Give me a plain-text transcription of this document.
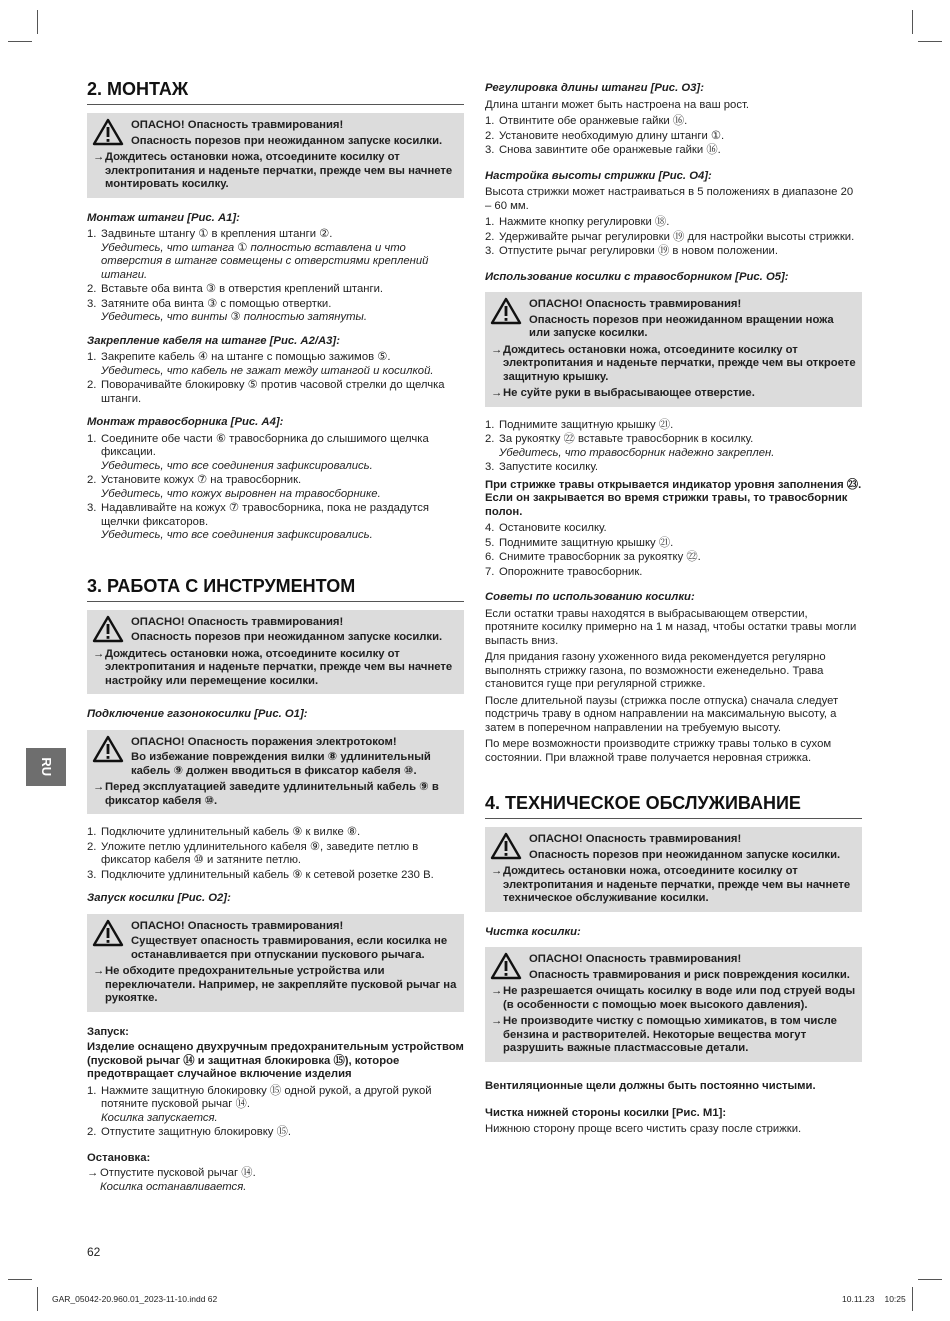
RU
2. МОНТАЖ
ОПАСНО! Опасность травмирования!
Опасность порезов при неожиданном запуске косилки.
→ Дождитесь остановки ножа, отсоедините косилку от электропитания и наденьте перчатки, прежде чем вы начнете монтировать косилку.
Монтаж штанги [Рис. A1]:
1. Задвиньте штангу ① в крепления штанги ②.
Убедитесь, что штанга ① полностью вставлена и что отверстия в штанге совмещены с отверстиями креплений штанги.
2. Вставьте оба винта ③ в отверстия креплений штанги.
3. Затяните оба винта ③ с помощью отвертки.
Убедитесь, что винты ③ полностью затянуты.
Закрепление кабеля на штанге [Рис. A2/A3]:
1. Закрепите кабель ④ на штанге с помощью зажимов ⑤.
Убедитесь, что кабель не зажат между штангой и косилкой.
2. Поворачивайте блокировку ⑤ против часовой стрелки до щелчка штанги.
Монтаж травосборника [Рис. A4]:
1. Соедините обе части ⑥ травосборника до слышимого щелчка фиксации.
Убедитесь, что все соединения зафиксировались.
2. Установите кожух ⑦ на травосборник.
Убедитесь, что кожух выровнен на травосборнике.
3. Надавливайте на кожух ⑦ травосборника, пока не раздадутся щелчки фиксаторов.
Убедитесь, что все соединения зафиксировались.
3. РАБОТА С ИНСТРУМЕНТОМ
ОПАСНО! Опасность травмирования!
Опасность порезов при неожиданном запуске косилки.
→ Дождитесь остановки ножа, отсоедините косилку от электропитания и наденьте перчатки, прежде чем вы начнете настройку или перемещение косилки.
Подключение газонокосилки [Рис. O1]:
ОПАСНО! Опасность поражения электротоком!
Во избежание повреждения вилки ⑧ удлинительный кабель ⑨ должен вводиться в фиксатор кабеля ⑩.
→ Перед эксплуатацией заведите удлинительный кабель ⑨ в фиксатор кабеля ⑩.
1. Подключите удлинительный кабель ⑨ к вилке ⑧.
2. Уложите петлю удлинительного кабеля ⑨, заведите петлю в фиксатор кабеля ⑩ и затяните петлю.
3. Подключите удлинительный кабель ⑨ к сетевой розетке 230 В.
Запуск косилки [Рис. O2]:
ОПАСНО! Опасность травмирования!
Существует опасность травмирования, если косилка не останавливается при отпускании пускового рычага.
→ Не обходите предохранительные устройства или переключатели. Например, не закрепляйте пусковой рычаг на рукоятке.
Запуск:
Изделие оснащено двухручным предохранительным устройством (пусковой рычаг ⑭ и защитная блокировка ⑮), которое предотвращает случайное включение изделия
1. Нажмите защитную блокировку ⑮ одной рукой, а другой рукой потяните пусковой рычаг ⑭.
Косилка запускается.
2. Отпустите защитную блокировку ⑮.
Остановка:
→ Отпустите пусковой рычаг ⑭.
Косилка останавливается.
Регулировка длины штанги [Рис. O3]:
Длина штанги может быть настроена на ваш рост.
1. Отвинтите обе оранжевые гайки ⑯.
2. Установите необходимую длину штанги ①.
3. Снова завинтите обе оранжевые гайки ⑯.
Настройка высоты стрижки [Рис. O4]:
Высота стрижки может настраиваться в 5 положениях в диапазоне 20 – 60 мм.
1. Нажмите кнопку регулировки ⑱.
2. Удерживайте рычаг регулировки ⑲ для настройки высоты стрижки.
3. Отпустите рычаг регулировки ⑲ в новом положении.
Использование косилки с травосборником [Рис. O5]:
ОПАСНО! Опасность травмирования!
Опасность порезов при неожиданном вращении ножа или запуске косилки.
→ Дождитесь остановки ножа, отсоедините косилку от электропитания и наденьте перчатки, прежде чем вы откроете защитную крышку.
→ Не суйте руки в выбрасывающее отверстие.
1. Поднимите защитную крышку ㉑.
2. За рукоятку ㉒ вставьте травосборник в косилку.
Убедитесь, что травосборник надежно закреплен.
3. Запустите косилку.
При стрижке травы открывается индикатор уровня заполнения ㉓. Если он закрывается во время стрижки травы, то травосборник полон.
4. Остановите косилку.
5. Поднимите защитную крышку ㉑.
6. Снимите травосборник за рукоятку ㉒.
7. Опорожните травосборник.
Советы по использованию косилки:
Если остатки травы находятся в выбрасывающем отверстии, протяните косилку примерно на 1 м назад, чтобы остатки травы могли выпасть вниз.
Для придания газону ухоженного вида рекомендуется регулярно выполнять стрижку газона, по возможности еженедельно. Трава становится гуще при регулярной стрижке.
После длительной паузы (стрижка после отпуска) сначала следует подстричь траву в одном направлении на максимальную высоту, а затем в поперечном направлении на требуемую высоту.
По мере возможности производите стрижку травы только в сухом состоянии. При влажной траве получается неровная стрижка.
4. ТЕХНИЧЕСКОЕ ОБСЛУЖИВАНИЕ
ОПАСНО! Опасность травмирования!
Опасность порезов при неожиданном запуске косилки.
→ Дождитесь остановки ножа, отсоедините косилку от электропитания и наденьте перчатки, прежде чем вы начнете техническое обслуживание косилки.
Чистка косилки:
ОПАСНО! Опасность травмирования!
Опасность травмирования и риск повреждения косилки.
→ Не разрешается очищать косилку в воде или под струей воды (в особенности с помощью моек высокого давления).
→ Не производите чистку с помощью химикатов, в том числе бензина и растворителей. Некоторые вещества могут разрушить важные пластмассовые детали.
Вентиляционные щели должны быть постоянно чистыми.
Чистка нижней стороны косилки [Рис. M1]:
Нижнюю сторону проще всего чистить сразу после стрижки.
62
GAR_05042-20.960.01_2023-11-10.indd 62	10.11.23 10:25
